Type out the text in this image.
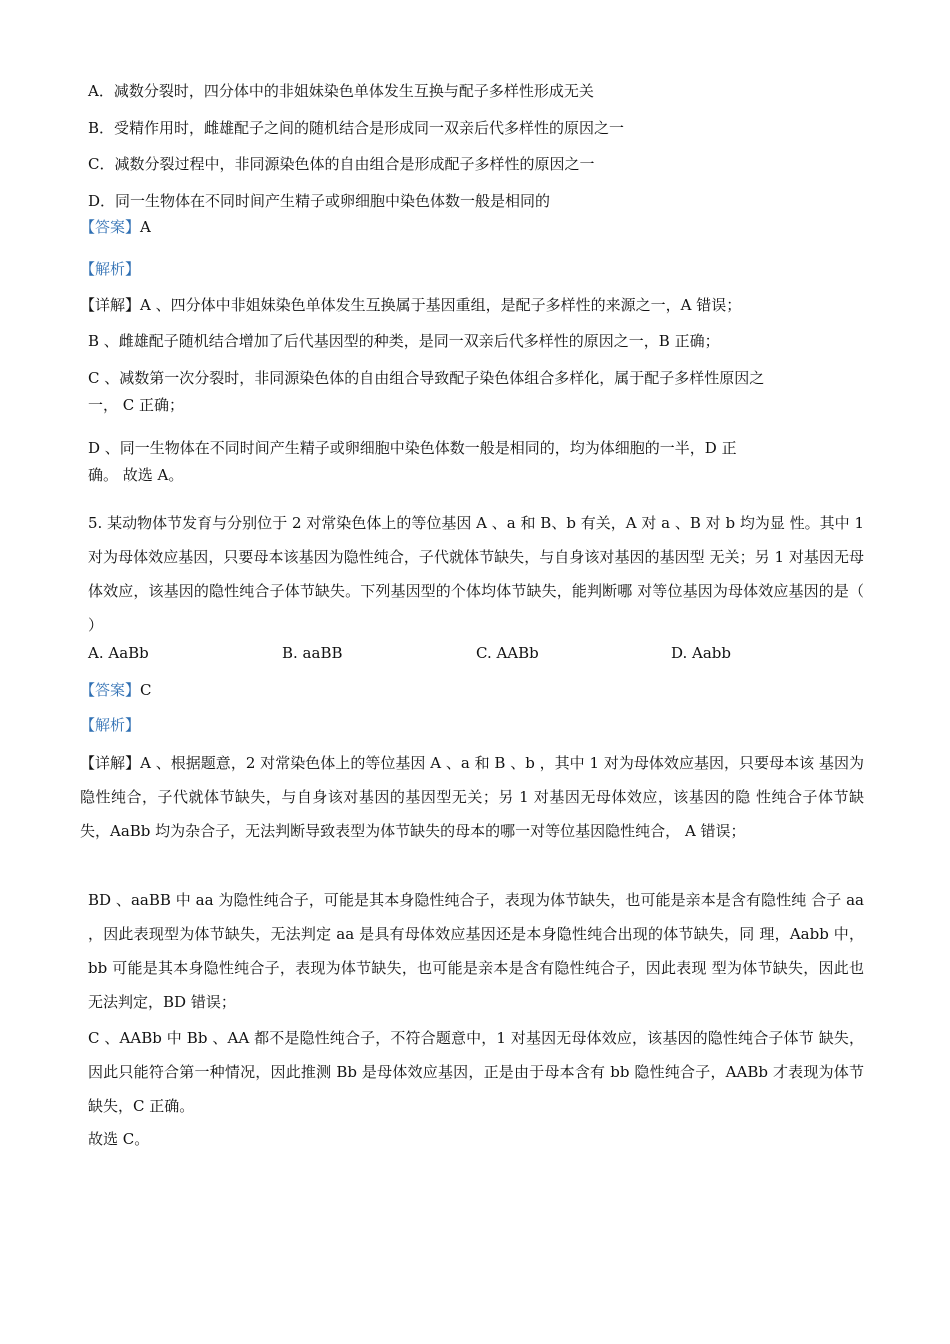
A．减数分裂时，四分体中的非姐妹染色单体发生互换与配子多样性形成无关
B．受精作用时，雌雄配子之间的随机结合是形成同一双亲后代多样性的原因之一
C．减数分裂过程中，非同源染色体的自由组合是形成配子多样性的原因之一
D．同一生物体在不同时间产生精子或卵细胞中染色体数一般是相同的
【答案】A
【解析】
【详解】A 、四分体中非姐妹染色单体发生互换属于基因重组，是配子多样性的来源之一，A 错误；
B 、雌雄配子随机结合增加了后代基因型的种类，是同一双亲后代多样性的原因之一，B 正确；
C 、减数第一次分裂时，非同源染色体的自由组合导致配子染色体组合多样化，属于配子多样性原因之
一， C 正确；
D 、同一生物体在不同时间产生精子或卵细胞中染色体数一般是相同的，均为体细胞的一半，D 正
确。 故选 A。
5. 某动物体节发育与分别位于 2 对常染色体上的等位基因 A 、a 和 B、b 有关，A 对 a 、B 对 b 均为显 性。其中 1 对为母体效应基因，只要母本该基因为隐性纯合，子代就体节缺失，与自身该对基因的基因型 无关；另 1 对基因无母体效应，该基因的隐性纯合子体节缺失。下列基因型的个体均体节缺失，能判断哪 对等位基因为母体效应基因的是（ ）
A. AaBb	B. aaBB	C. AABb	D. Aabb
【答案】C
【解析】
【详解】A 、根据题意，2 对常染色体上的等位基因 A 、a 和 B 、b ，其中 1 对为母体效应基因，只要母本该 基因为隐性纯合，子代就体节缺失，与自身该对基因的基因型无关；另 1 对基因无母体效应，该基因的隐 性纯合子体节缺失，AaBb 均为杂合子，无法判断导致表型为体节缺失的母本的哪一对等位基因隐性纯合， A 错误；
BD 、aaBB 中 aa 为隐性纯合子，可能是其本身隐性纯合子，表现为体节缺失，也可能是亲本是含有隐性纯 合子 aa ，因此表现型为体节缺失，无法判定 aa 是具有母体效应基因还是本身隐性纯合出现的体节缺失，同 理，Aabb 中，bb 可能是其本身隐性纯合子，表现为体节缺失，也可能是亲本是含有隐性纯合子，因此表现 型为体节缺失，因此也无法判定，BD 错误；
C 、AABb 中 Bb 、AA 都不是隐性纯合子，不符合题意中，1 对基因无母体效应，该基因的隐性纯合子体节 缺失，因此只能符合第一种情况，因此推测 Bb 是母体效应基因，正是由于母本含有 bb 隐性纯合子，AABb 才表现为体节缺失，C 正确。
故选 C。
